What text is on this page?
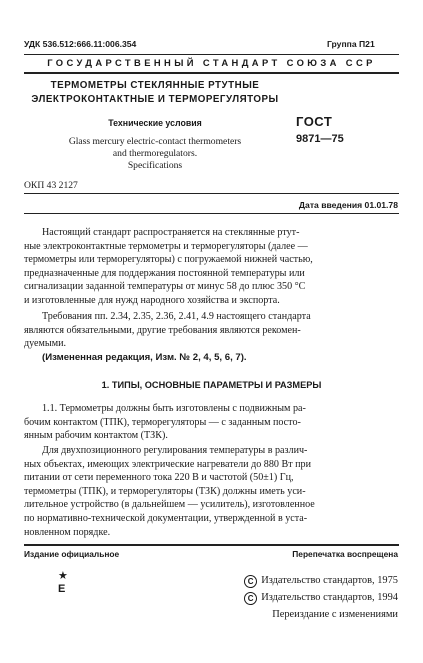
УДК 536.512:666.11:006.354	Группа П21
ГОСУДАРСТВЕННЫЙ СТАНДАРТ СОЮЗА ССР
ТЕРМОМЕТРЫ СТЕКЛЯННЫЕ РТУТНЫЕ
ЭЛЕКТРОКОНТАКТНЫЕ И ТЕРМОРЕГУЛЯТОРЫ
Технические условия
Glass mercury electric-contact thermometers
and thermoregulators.
Specifications
ГОСТ
9871—75
ОКП 43 2127
Дата введения 01.01.78

Настоящий стандарт распространяется на стеклянные ртут-
ные электроконтактные термометры и терморегуляторы (далее —
термометры или терморегуляторы) с погружаемой нижней частью,
предназначенные для поддержания постоянной температуры или
сигнализации заданной температуры от минус 58 до плюс 350 °С
и изготовленные для нужд народного хозяйства и экспорта.

Требования пп. 2.34, 2.35, 2.36, 2.41, 4.9 настоящего стандарта
являются обязательными, другие требования являются рекомен-
дуемыми.

(Измененная редакция, Изм. № 2, 4, 5, 6, 7).
1. ТИПЫ, ОСНОВНЫЕ ПАРАМЕТРЫ И РАЗМЕРЫ

1.1. Термометры должны быть изготовлены с подвижным ра-
бочим контактом (ТПК), терморегуляторы — с заданным посто-
янным рабочим контактом (ТЗК).

Для двухпозиционного регулирования температуры в различ-
ных объектах, имеющих электрические нагреватели до 880 Вт при
питании от сети переменного тока 220 В и частотой (50±1) Гц,
термометры (ТПК), и терморегуляторы (ТЗК) должны иметь уси-
лительное устройство (в дальнейшем — усилитель), изготовленное
по нормативно-технической документации, утвержденной в уста-
новленном порядке.

Издание официальное	Перепечатка воспрещена
★
E
C Издательство стандартов, 1975
C Издательство стандартов, 1994
Переиздание с изменениями
